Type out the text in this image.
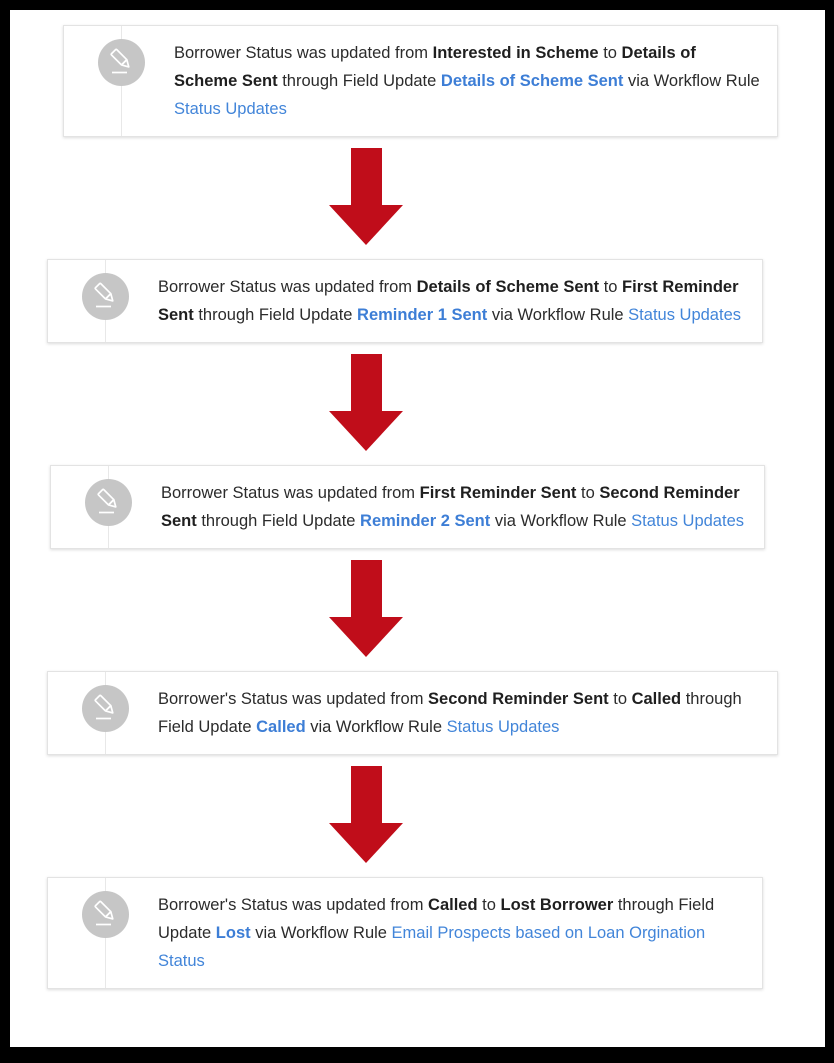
Borrower Status was updated from Interested in Scheme to Details of Scheme Sent through Field Update Details of Scheme Sent via Workflow Rule Status Updates

Borrower Status was updated from Details of Scheme Sent to First Reminder Sent through Field Update Reminder 1 Sent via Workflow Rule Status Updates

Borrower Status was updated from First Reminder Sent to Second Reminder Sent through Field Update Reminder 2 Sent via Workflow Rule Status Updates

Borrower's Status was updated from Second Reminder Sent to Called through Field Update Called via Workflow Rule Status Updates

Borrower's Status was updated from Called to Lost Borrower through Field Update Lost via Workflow Rule Email Prospects based on Loan Orgination Status
